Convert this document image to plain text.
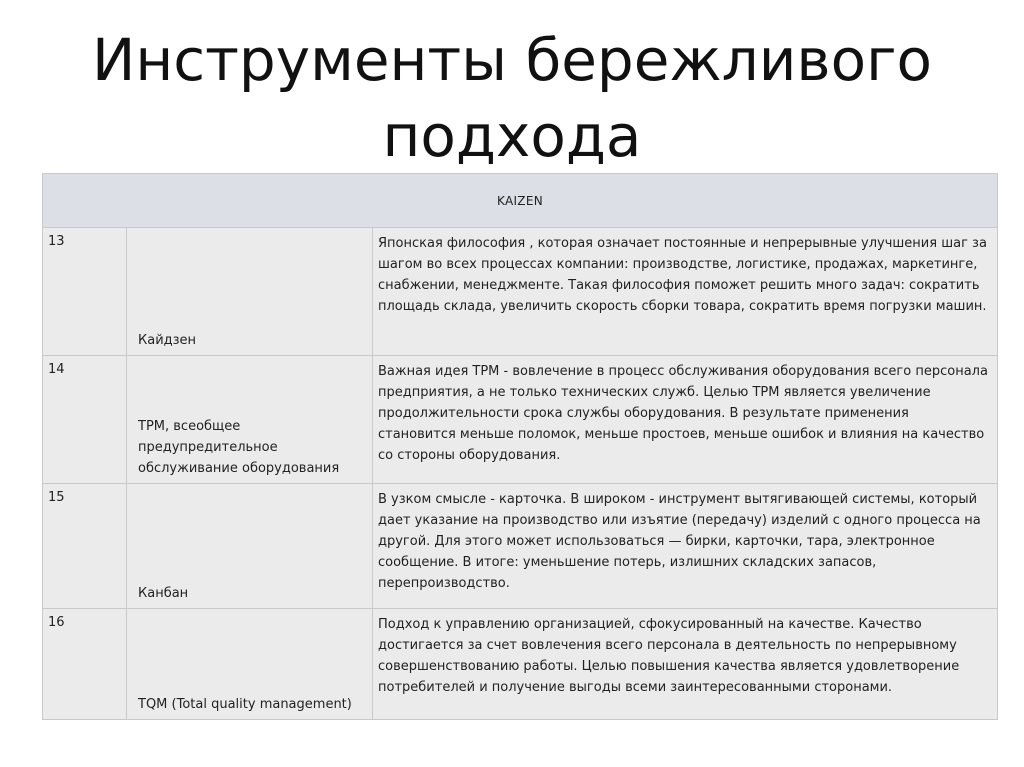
Инструменты бережливого подхода
KAIZEN		
13	Кайдзен	Японская философия , которая означает постоянные и непрерывные улучшения шаг за шагом во всех процессах компании: производстве, логистике, продажах, маркетинге, снабжении, менеджменте. Такая философия поможет решить много задач: сократить площадь склада, увеличить скорость сборки товара, сократить время погрузки машин.
14	TPM, всеобщее предупредительное обслуживание оборудования	Важная идея TPM - вовлечение в процесс обслуживания оборудования всего персонала предприятия, а не только технических служб. Целью TPM является увеличение продолжительности срока службы оборудования. В результате применения становится меньше поломок, меньше простоев, меньше ошибок и влияния на качество со стороны оборудования.
15	Канбан	В узком смысле - карточка. В широком - инструмент вытягивающей системы, который дает указание на производство или изъятие (передачу) изделий с одного процесса на другой. Для этого может использоваться — бирки, карточки, тара, электронное сообщение. В итоге: уменьшение потерь, излишних складских запасов, перепроизводство.
16	TQM (Total quality management)	Подход к управлению организацией, сфокусированный на качестве. Качество достигается за счет вовлечения всего персонала в деятельность по непрерывному совершенствованию работы. Целью повышения качества является удовлетворение потребителей и получение выгоды всеми заинтересованными сторонами.
